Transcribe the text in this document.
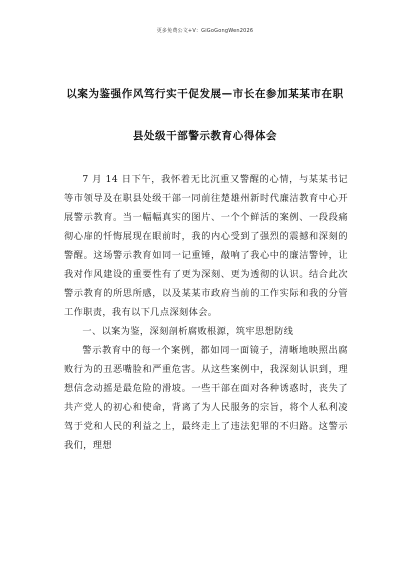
更多免费公文+V：GiGoGongWen2026
以案为鉴强作风笃行实干促发展—市长在参加某某市在职
县处级干部警示教育心得体会

7 月 14 日下午，我怀着无比沉重又警醒的心情，与某某书记等市领导及在职县处级干部一同前往楚雄州新时代廉洁教育中心开展警示教育。当一幅幅真实的图片、一个个鲜活的案例、一段段痛彻心扉的忏悔展现在眼前时，我的内心受到了强烈的震撼和深刻的警醒。这场警示教育如同一记重锤，敲响了我心中的廉洁警钟，让我对作风建设的重要性有了更为深刻、更为透彻的认识。结合此次警示教育的所思所感，以及某某市政府当前的工作实际和我的分管工作职责，我有以下几点深刻体会。

一、以案为鉴，深刻剖析腐败根源，筑牢思想防线

警示教育中的每一个案例，都如同一面镜子，清晰地映照出腐败行为的丑恶嘴脸和严重危害。从这些案例中，我深刻认识到，理想信念动摇是最危险的滑坡。一些干部在面对各种诱惑时，丧失了共产党人的初心和使命，背离了为人民服务的宗旨，将个人私利凌驾于党和人民的利益之上，最终走上了违法犯罪的不归路。这警示我们，理想
